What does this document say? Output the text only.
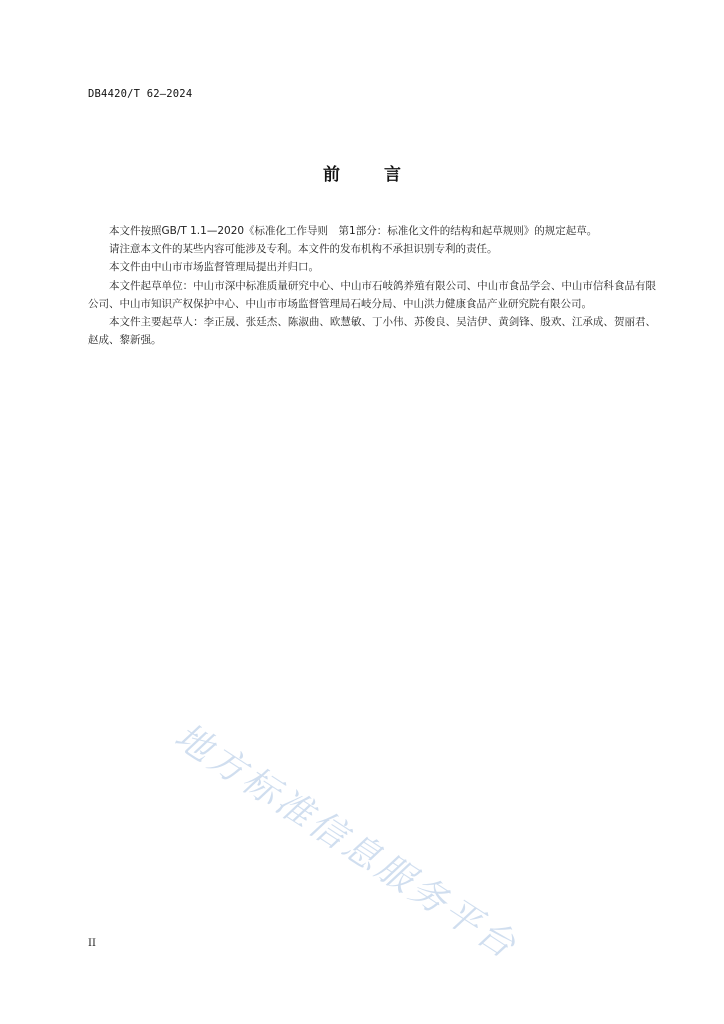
DB4420/T 62—2024
前言

本文件按照GB/T 1.1—2020《标准化工作导则　第1部分：标准化文件的结构和起草规则》的规定起草。

请注意本文件的某些内容可能涉及专利。本文件的发布机构不承担识别专利的责任。

本文件由中山市市场监督管理局提出并归口。

本文件起草单位：中山市深中标准质量研究中心、中山市石岐鸽养殖有限公司、中山市食品学会、中山市信科食品有限公司、中山市知识产权保护中心、中山市市场监督管理局石岐分局、中山洪力健康食品产业研究院有限公司。

本文件主要起草人：李正晟、张廷杰、陈淑曲、欧慧敏、丁小伟、苏俊良、吴洁伊、黄剑锋、殷欢、江承成、贺丽君、赵成、黎新强。

地方标准信息服务平台
II
